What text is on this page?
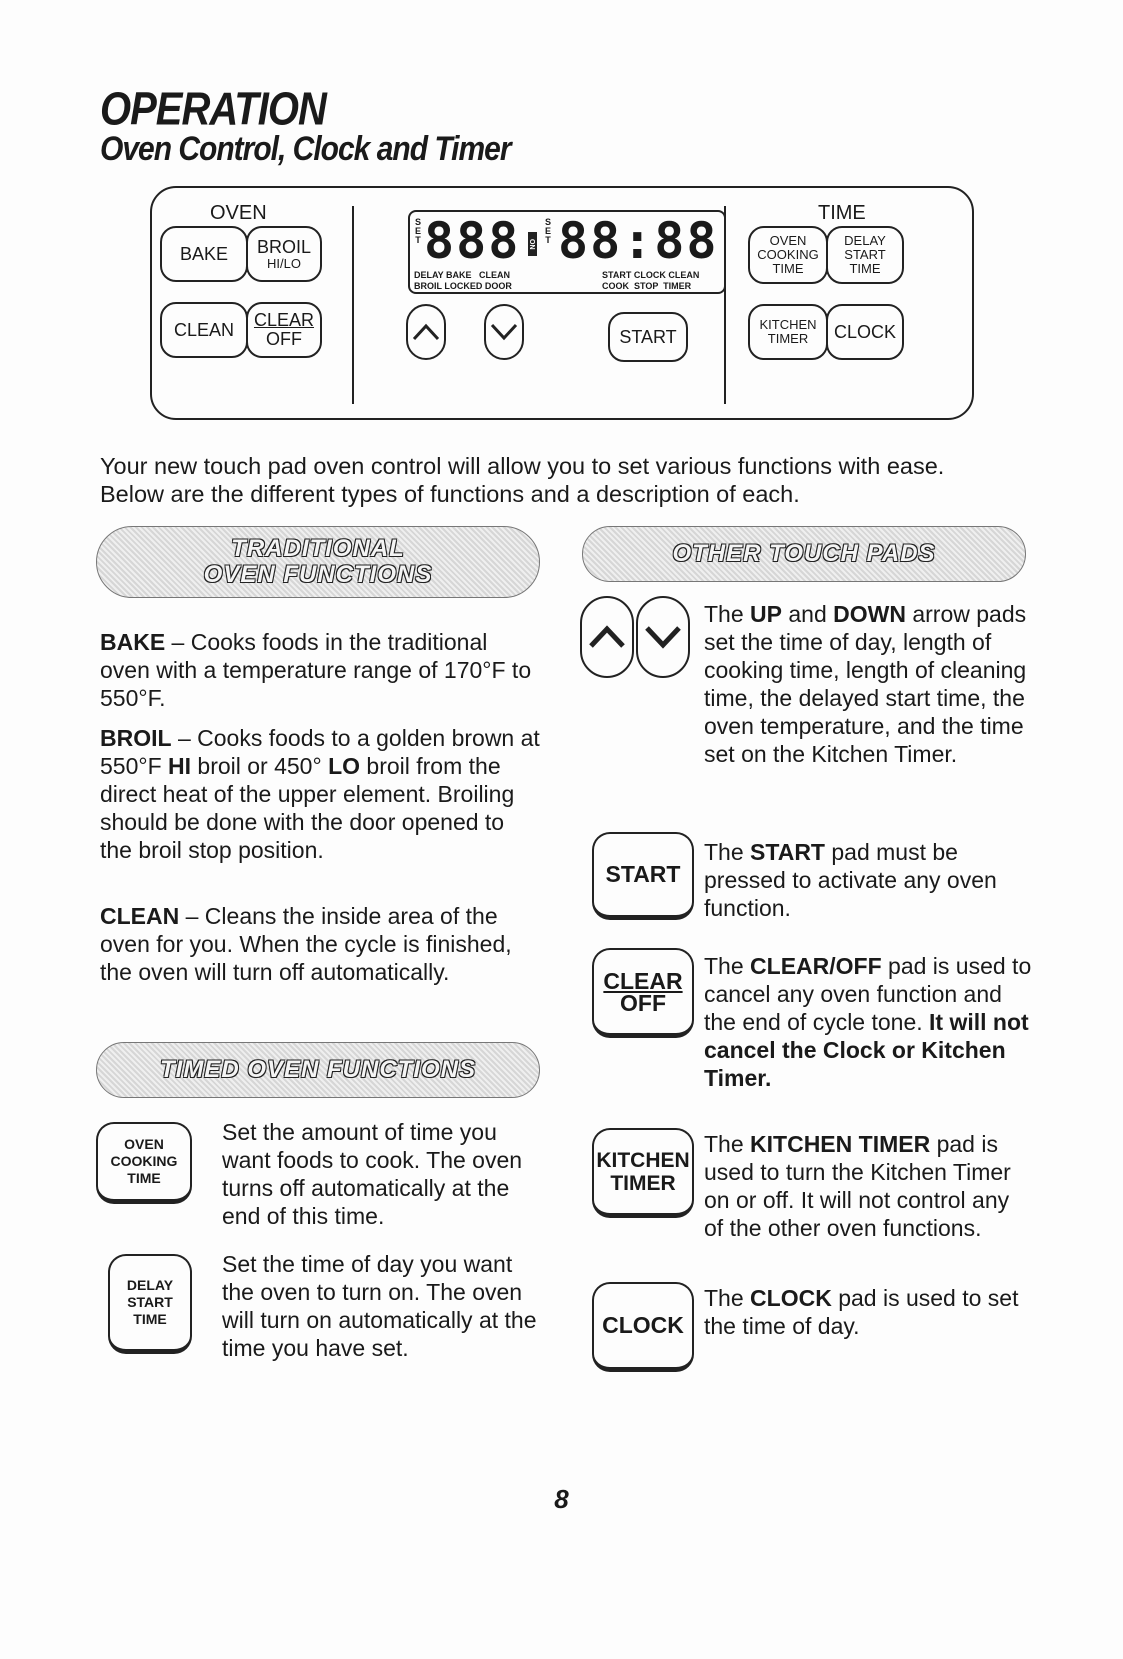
OPERATION
Oven Control, Clock and Timer
OVEN
BAKE BROIL
HI/LO
CLEAN CLEAR
OFF
S
E
T 888 ON
S
E
T 88:88
DELAY BAKE   CLEAN
BROIL LOCKED DOOR
START CLOCK CLEAN
COOK  STOP  TIMER
START
TIME
OVEN
COOKING
TIME
DELAY
START
TIME
KITCHEN
TIMER CLOCK

Your new touch pad oven control will allow you to set various functions with ease. Below are the different types of functions and a description of each.

TRADITIONAL
OVEN FUNCTIONS

BAKE – Cooks foods in the traditional oven with a temperature range of 170°F to 550°F.

BROIL – Cooks foods to a golden brown at 550°F HI broil or 450° LO broil from the direct heat of the upper element. Broiling should be done with the door opened to the broil stop position.

CLEAN – Cleans the inside area of the oven for you. When the cycle is finished, the oven will turn off automatically.

TIMED OVEN FUNCTIONS
OVEN
COOKING
TIME

Set the amount of time you want foods to cook. The oven turns off automatically at the end of this time.

DELAY
START
TIME

Set the time of day you want the oven to turn on. The oven will turn on automatically at the time you have set.

OTHER TOUCH PADS

The UP and DOWN arrow pads set the time of day, length of cooking time, length of cleaning time, the delayed start time, the oven temperature, and the time set on the Kitchen Timer.

START

The START pad must be pressed to activate any oven function.

CLEAR
OFF

The CLEAR/OFF pad is used to cancel any oven function and the end of cycle tone. It will not cancel the Clock or Kitchen Timer.

KITCHEN
TIMER

The KITCHEN TIMER pad is used to turn the Kitchen Timer on or off. It will not control any of the other oven functions.

CLOCK

The CLOCK pad is used to set the time of day.

8
